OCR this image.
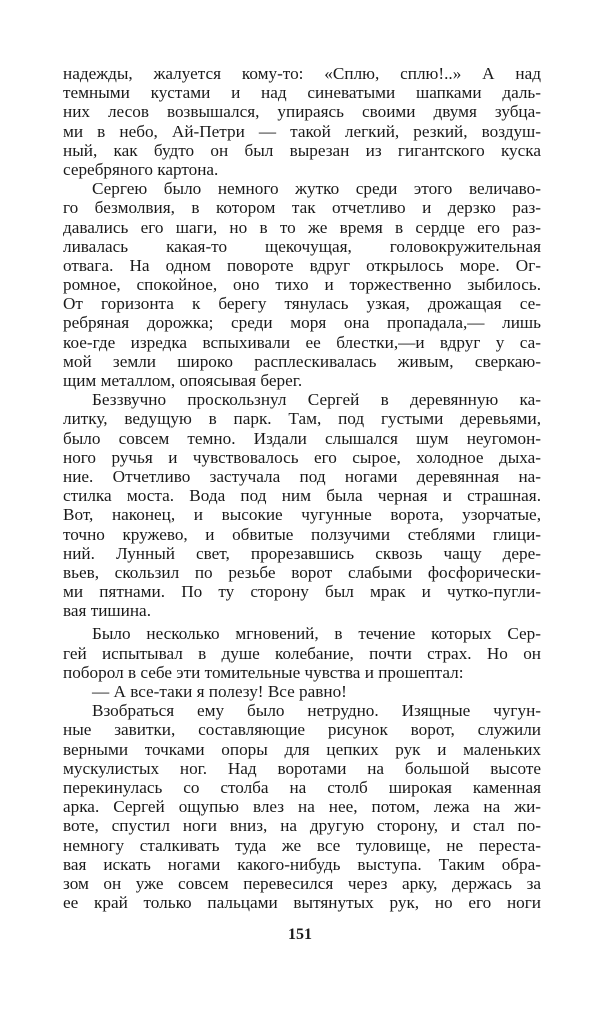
надежды, жалуется кому-то: «Сплю, сплю!..» А над
темными кустами и над синеватыми шапками даль-
них лесов возвышался, упираясь своими двумя зубца-
ми в небо, Ай-Петри — такой легкий, резкий, воздуш-
ный, как будто он был вырезан из гигантского куска
серебряного картона.
Сергею было немного жутко среди этого величаво-
го безмолвия, в котором так отчетливо и дерзко раз-
давались его шаги, но в то же время в сердце его раз-
ливалась какая-то щекочущая, головокружительная
отвага. На одном повороте вдруг открылось море. Ог-
ромное, спокойное, оно тихо и торжественно зыбилось.
От горизонта к берегу тянулась узкая, дрожащая се-
ребряная дорожка; среди моря она пропадала,— лишь
кое-где изредка вспыхивали ее блестки,—и вдруг у са-
мой земли широко расплескивалась живым, сверкаю-
щим металлом, опоясывая берег.
Беззвучно проскользнул Сергей в деревянную ка-
литку, ведущую в парк. Там, под густыми деревьями,
было совсем темно. Издали слышался шум неугомон-
ного ручья и чувствовалось его сырое, холодное дыха-
ние. Отчетливо застучала под ногами деревянная на-
стилка моста. Вода под ним была черная и страшная.
Вот, наконец, и высокие чугунные ворота, узорчатые,
точно кружево, и обвитые ползучими стеблями глици-
ний. Лунный свет, прорезавшись сквозь чащу дере-
вьев, скользил по резьбе ворот слабыми фосфорически-
ми пятнами. По ту сторону был мрак и чутко-пугли-
вая тишина.
Было несколько мгновений, в течение которых Сер-
гей испытывал в душе колебание, почти страх. Но он
поборол в себе эти томительные чувства и прошептал:
— А все-таки я полезу! Все равно!
Взобраться ему было нетрудно. Изящные чугун-
ные завитки, составляющие рисунок ворот, служили
верными точками опоры для цепких рук и маленьких
мускулистых ног. Над воротами на большой высоте
перекинулась со столба на столб широкая каменная
арка. Сергей ощупью влез на нее, потом, лежа на жи-
воте, спустил ноги вниз, на другую сторону, и стал по-
немногу сталкивать туда же все туловище, не переста-
вая искать ногами какого-нибудь выступа. Таким обра-
зом он уже совсем перевесился через арку, держась за
ее край только пальцами вытянутых рук, но его ноги
151
